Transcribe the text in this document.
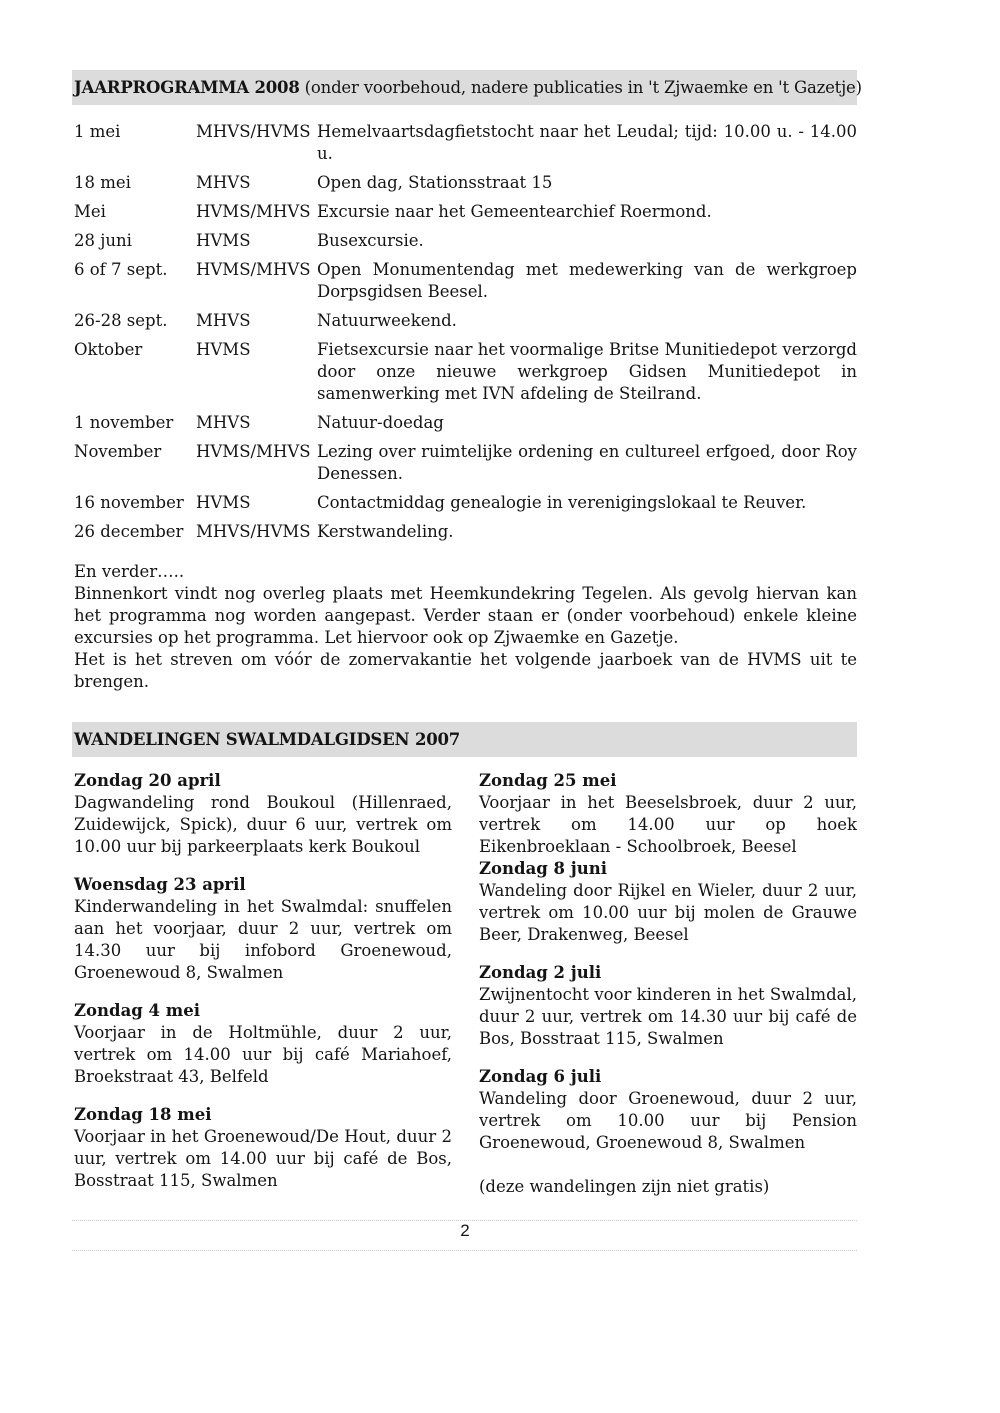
JAARPROGRAMMA 2008 (onder voorbehoud, nadere publicaties in 't Zjwaemke en 't Gazetje)
1 mei	MHVS/HVMS Hemelvaartsdagfietstocht naar het Leudal; tijd: 10.00 u. - 14.00 u.
18 mei	MHVS	Open dag, Stationsstraat 15
Mei	HVMS/MHVS Excursie naar het Gemeentearchief Roermond.
28 juni	HVMS	Busexcursie.
6 of 7 sept.	HVMS/MHVS Open Monumentendag met medewerking van de werkgroep Dorpsgidsen Beesel.
26-28 sept.	MHVS	Natuurweekend.
Oktober	HVMS	Fietsexcursie naar het voormalige Britse Munitiedepot verzorgd door onze nieuwe werkgroep Gidsen Munitiedepot in samenwerking met IVN afdeling de Steilrand.
1 november	MHVS	Natuur-doedag
November	HVMS/MHVS Lezing over ruimtelijke ordening en cultureel erfgoed, door Roy Denessen.
16 november HVMS	Contactmiddag genealogie in verenigingslokaal te Reuver.
26 december MHVS/HVMS Kerstwandeling.

En verder…..

Binnenkort vindt nog overleg plaats met Heemkundekring Tegelen. Als gevolg hiervan kan het programma nog worden aangepast. Verder staan er (onder voorbehoud) enkele kleine excursies op het programma. Let hiervoor ook op Zjwaemke en Gazetje.

Het is het streven om vóór de zomervakantie het volgende jaarboek van de HVMS uit te brengen.

WANDELINGEN SWALMDALGIDSEN 2007
Zondag 20 april
Dagwandeling rond Boukoul (Hillenraed, Zuidewijck, Spick), duur 6 uur, vertrek om 10.00 uur bij parkeerplaats kerk Boukoul
Woensdag 23 april
Kinderwandeling in het Swalmdal: snuffelen aan het voorjaar, duur 2 uur, vertrek om 14.30 uur bij infobord Groenewoud, Groenewoud 8, Swalmen
Zondag 4 mei
Voorjaar in de Holtmühle, duur 2 uur, vertrek om 14.00 uur bij café Mariahoef, Broekstraat 43, Belfeld
Zondag 18 mei
Voorjaar in het Groenewoud/De Hout, duur 2 uur, vertrek om 14.00 uur bij café de Bos, Bosstraat 115, Swalmen
Zondag 25 mei
Voorjaar in het Beeselsbroek, duur 2 uur, vertrek om 14.00 uur op hoek Eikenbroeklaan - Schoolbroek, Beesel
Zondag 8 juni
Wandeling door Rijkel en Wieler, duur 2 uur, vertrek om 10.00 uur bij molen de Grauwe Beer, Drakenweg, Beesel
Zondag 2 juli
Zwijnentocht voor kinderen in het Swalmdal, duur 2 uur, vertrek om 14.30 uur bij café de Bos, Bosstraat 115, Swalmen
Zondag 6 juli
Wandeling door Groenewoud, duur 2 uur, vertrek om 10.00 uur bij Pension Groenewoud, Groenewoud 8, Swalmen
(deze wandelingen zijn niet gratis)
2
